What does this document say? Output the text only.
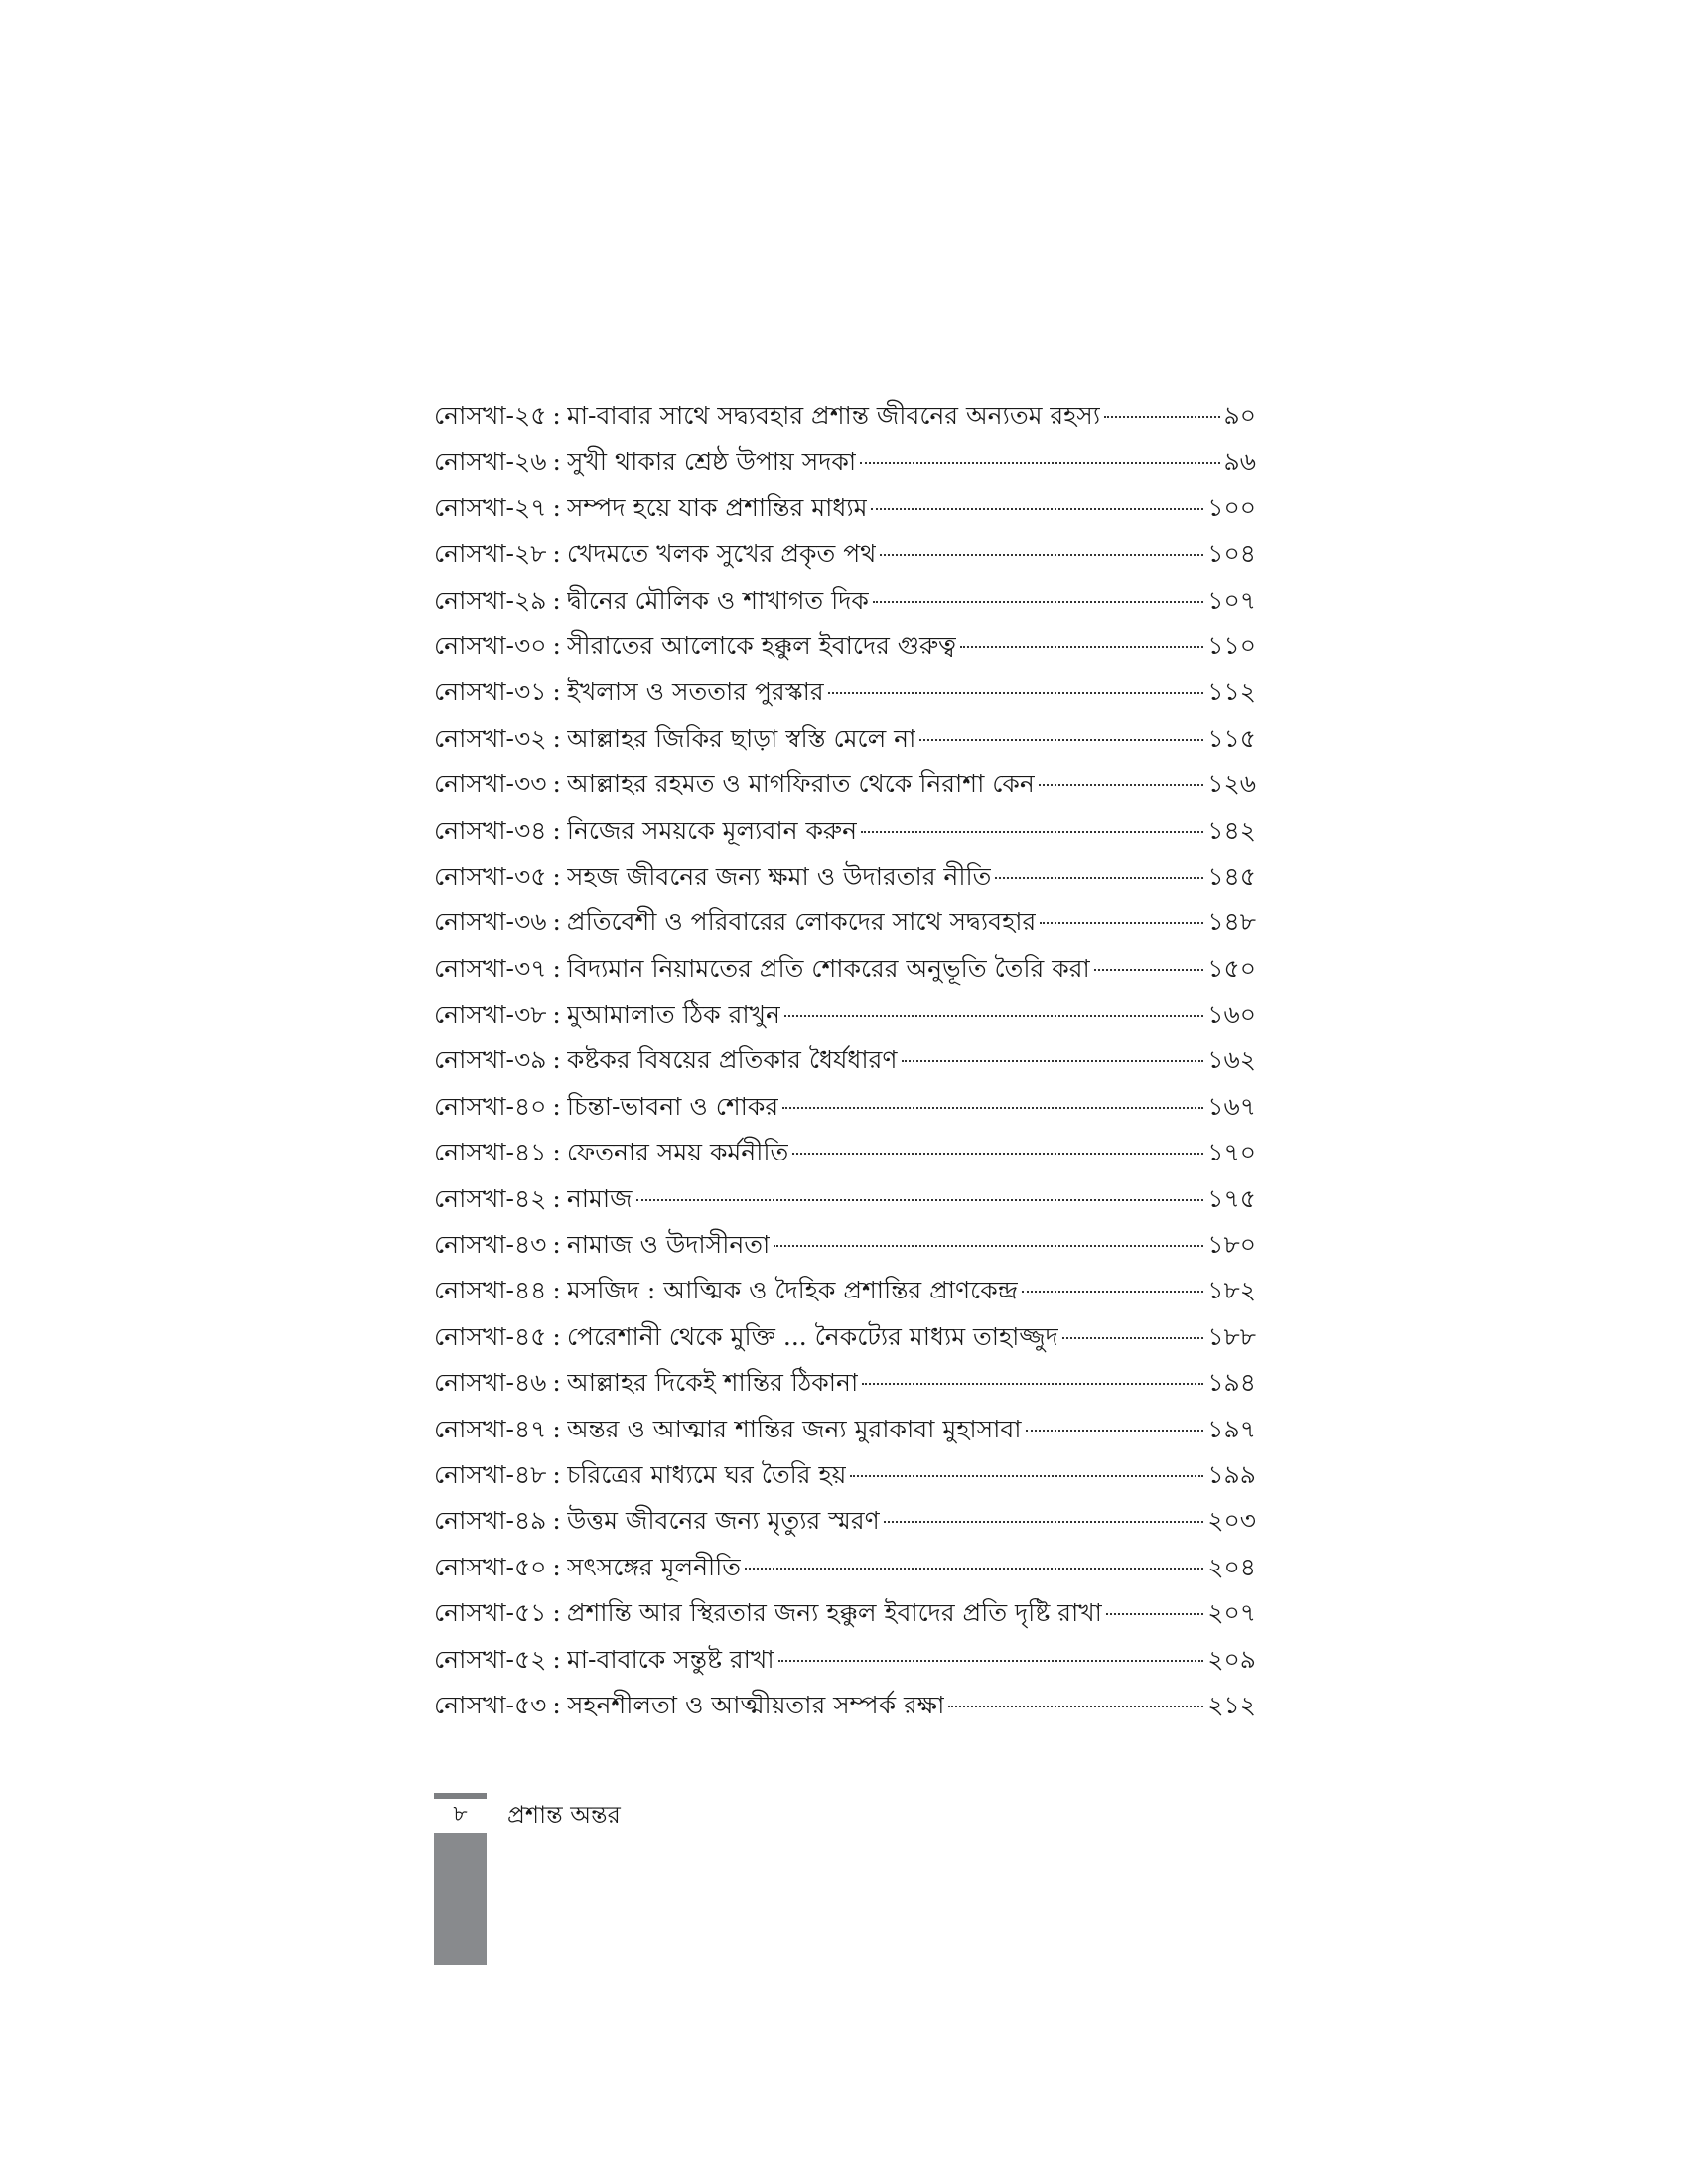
নোসখা-২৫ : মা-বাবার সাথে সদ্ব্যবহার প্রশান্ত জীবনের অন্যতম রহস্য	৯০
নোসখা-২৬ : সুখী থাকার শ্রেষ্ঠ উপায় সদকা	৯৬
নোসখা-২৭ : সম্পদ হয়ে যাক প্রশান্তির মাধ্যম	১০০
নোসখা-২৮ : খেদমতে খলক সুখের প্রকৃত পথ	১০৪
নোসখা-২৯ : দ্বীনের মৌলিক ও শাখাগত দিক	১০৭
নোসখা-৩০ : সীরাতের আলোকে হক্কুল ইবাদের গুরুত্ব	১১০
নোসখা-৩১ : ইখলাস ও সততার পুরস্কার	১১২
নোসখা-৩২ : আল্লাহর জিকির ছাড়া স্বস্তি মেলে না	১১৫
নোসখা-৩৩ : আল্লাহর রহমত ও মাগফিরাত থেকে নিরাশা কেন	১২৬
নোসখা-৩৪ : নিজের সময়কে মূল্যবান করুন	১৪২
নোসখা-৩৫ : সহজ জীবনের জন্য ক্ষমা ও উদারতার নীতি	১৪৫
নোসখা-৩৬ : প্রতিবেশী ও পরিবারের লোকদের সাথে সদ্ব্যবহার	১৪৮
নোসখা-৩৭ : বিদ্যমান নিয়ামতের প্রতি শোকরের অনুভূতি তৈরি করা	১৫০
নোসখা-৩৮ : মুআমালাত ঠিক রাখুন	১৬০
নোসখা-৩৯ : কষ্টকর বিষয়ের প্রতিকার ধৈর্যধারণ	১৬২
নোসখা-৪০ : চিন্তা-ভাবনা ও শোকর	১৬৭
নোসখা-৪১ : ফেতনার সময় কর্মনীতি	১৭০
নোসখা-৪২ : নামাজ	১৭৫
নোসখা-৪৩ : নামাজ ও উদাসীনতা	১৮০
নোসখা-৪৪ : মসজিদ : আত্মিক ও দৈহিক প্রশান্তির প্রাণকেন্দ্র	১৮২
নোসখা-৪৫ : পেরেশানী থেকে মুক্তি ... নৈকট্যের মাধ্যম তাহাজ্জুদ	১৮৮
নোসখা-৪৬ : আল্লাহর দিকেই শান্তির ঠিকানা	১৯৪
নোসখা-৪৭ : অন্তর ও আত্মার শান্তির জন্য মুরাকাবা মুহাসাবা	১৯৭
নোসখা-৪৮ : চরিত্রের মাধ্যমে ঘর তৈরি হয়	১৯৯
নোসখা-৪৯ : উত্তম জীবনের জন্য মৃত্যুর স্মরণ	২০৩
নোসখা-৫০ : সৎসঙ্গের মূলনীতি	২০৪
নোসখা-৫১ : প্রশান্তি আর স্থিরতার জন্য হক্কুল ইবাদের প্রতি দৃষ্টি রাখা	২০৭
নোসখা-৫২ : মা-বাবাকে সন্তুষ্ট রাখা	২০৯
নোসখা-৫৩ : সহনশীলতা ও আত্মীয়তার সম্পর্ক রক্ষা	২১২
৮	প্রশান্ত অন্তর
